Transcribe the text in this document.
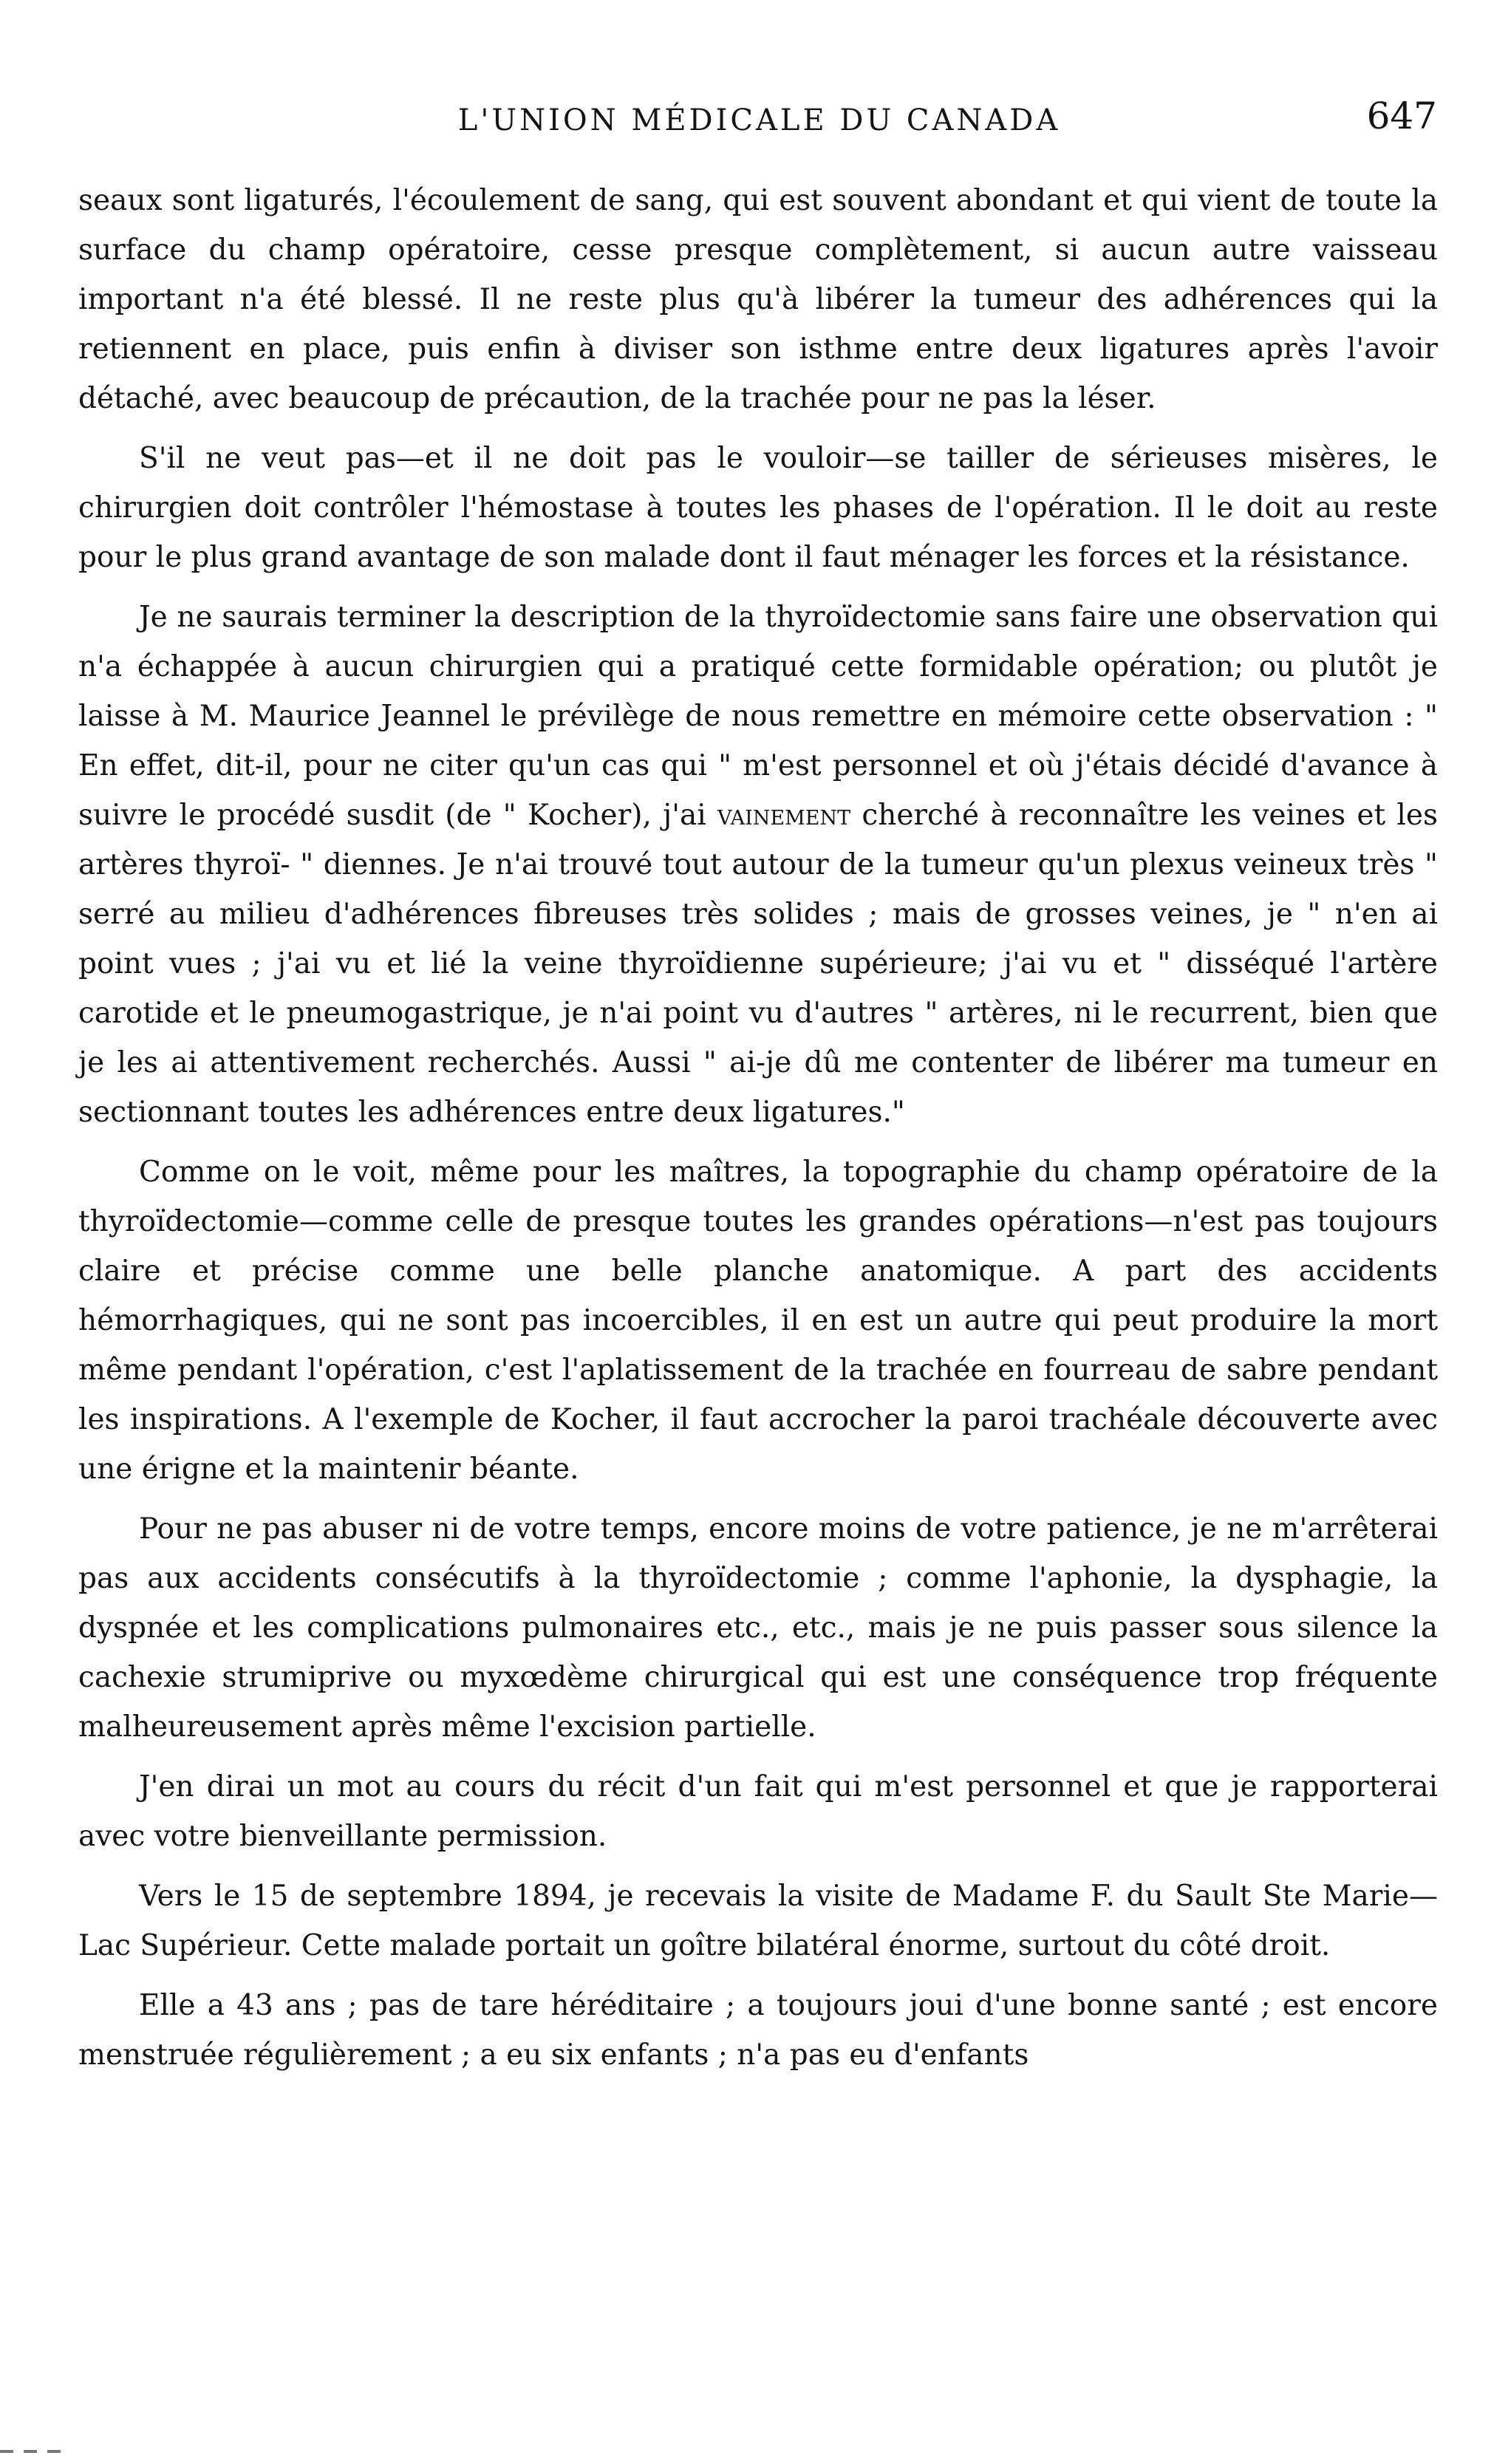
L'UNION MÉDICALE DU CANADA	647

seaux sont ligaturés, l'écoulement de sang, qui est souvent abondant et qui vient de toute la surface du champ opératoire, cesse presque complètement, si aucun autre vaisseau important n'a été blessé. Il ne reste plus qu'à libérer la tumeur des adhérences qui la retiennent en place, puis enfin à diviser son isthme entre deux ligatures après l'avoir détaché, avec beaucoup de précaution, de la trachée pour ne pas la léser.

S'il ne veut pas—et il ne doit pas le vouloir—se tailler de sérieuses misères, le chirurgien doit contrôler l'hémostase à toutes les phases de l'opération. Il le doit au reste pour le plus grand avantage de son malade dont il faut ménager les forces et la résistance.

Je ne saurais terminer la description de la thyroïdectomie sans faire une observation qui n'a échappée à aucun chirurgien qui a pratiqué cette formidable opération; ou plutôt je laisse à M. Maurice Jeannel le prévilège de nous remettre en mémoire cette observation : " En effet, dit-il, pour ne citer qu'un cas qui " m'est personnel et où j'étais décidé d'avance à suivre le procédé susdit (de " Kocher), j'ai vainement cherché à reconnaître les veines et les artères thyroï- " diennes. Je n'ai trouvé tout autour de la tumeur qu'un plexus veineux très " serré au milieu d'adhérences fibreuses très solides ; mais de grosses veines, je " n'en ai point vues ; j'ai vu et lié la veine thyroïdienne supérieure; j'ai vu et " disséqué l'artère carotide et le pneumogastrique, je n'ai point vu d'autres " artères, ni le recurrent, bien que je les ai attentivement recherchés. Aussi " ai-je dû me contenter de libérer ma tumeur en sectionnant toutes les adhérences entre deux ligatures."

Comme on le voit, même pour les maîtres, la topographie du champ opératoire de la thyroïdectomie—comme celle de presque toutes les grandes opérations—n'est pas toujours claire et précise comme une belle planche anatomique. A part des accidents hémorrhagiques, qui ne sont pas incoercibles, il en est un autre qui peut produire la mort même pendant l'opération, c'est l'aplatissement de la trachée en fourreau de sabre pendant les inspirations. A l'exemple de Kocher, il faut accrocher la paroi trachéale découverte avec une érigne et la maintenir béante.

Pour ne pas abuser ni de votre temps, encore moins de votre patience, je ne m'arrêterai pas aux accidents consécutifs à la thyroïdectomie ; comme l'aphonie, la dysphagie, la dyspnée et les complications pulmonaires etc., etc., mais je ne puis passer sous silence la cachexie strumiprive ou myxœdème chirurgical qui est une conséquence trop fréquente malheureusement après même l'excision partielle.

J'en dirai un mot au cours du récit d'un fait qui m'est personnel et que je rapporterai avec votre bienveillante permission.

Vers le 15 de septembre 1894, je recevais la visite de Madame F. du Sault Ste Marie—Lac Supérieur. Cette malade portait un goître bilatéral énorme, surtout du côté droit.

Elle a 43 ans ; pas de tare héréditaire ; a toujours joui d'une bonne santé ; est encore menstruée régulièrement ; a eu six enfants ; n'a pas eu d'enfants
